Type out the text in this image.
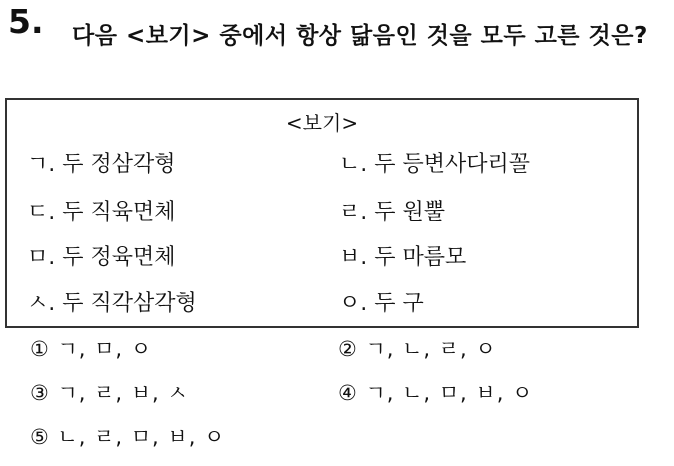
5. 다음 <보기> 중에서 항상 닮음인 것을 모두 고른 것은?
<보기>
ㄱ. 두 정삼각형	ㄴ. 두 등변사다리꼴
ㄷ. 두 직육면체	ㄹ. 두 원뿔
ㅁ. 두 정육면체	ㅂ. 두 마름모
ㅅ. 두 직각삼각형	ㅇ. 두 구
① ㄱ, ㅁ, ㅇ	② ㄱ, ㄴ, ㄹ, ㅇ
③ ㄱ, ㄹ, ㅂ, ㅅ	④ ㄱ, ㄴ, ㅁ, ㅂ, ㅇ
⑤ ㄴ, ㄹ, ㅁ, ㅂ, ㅇ
